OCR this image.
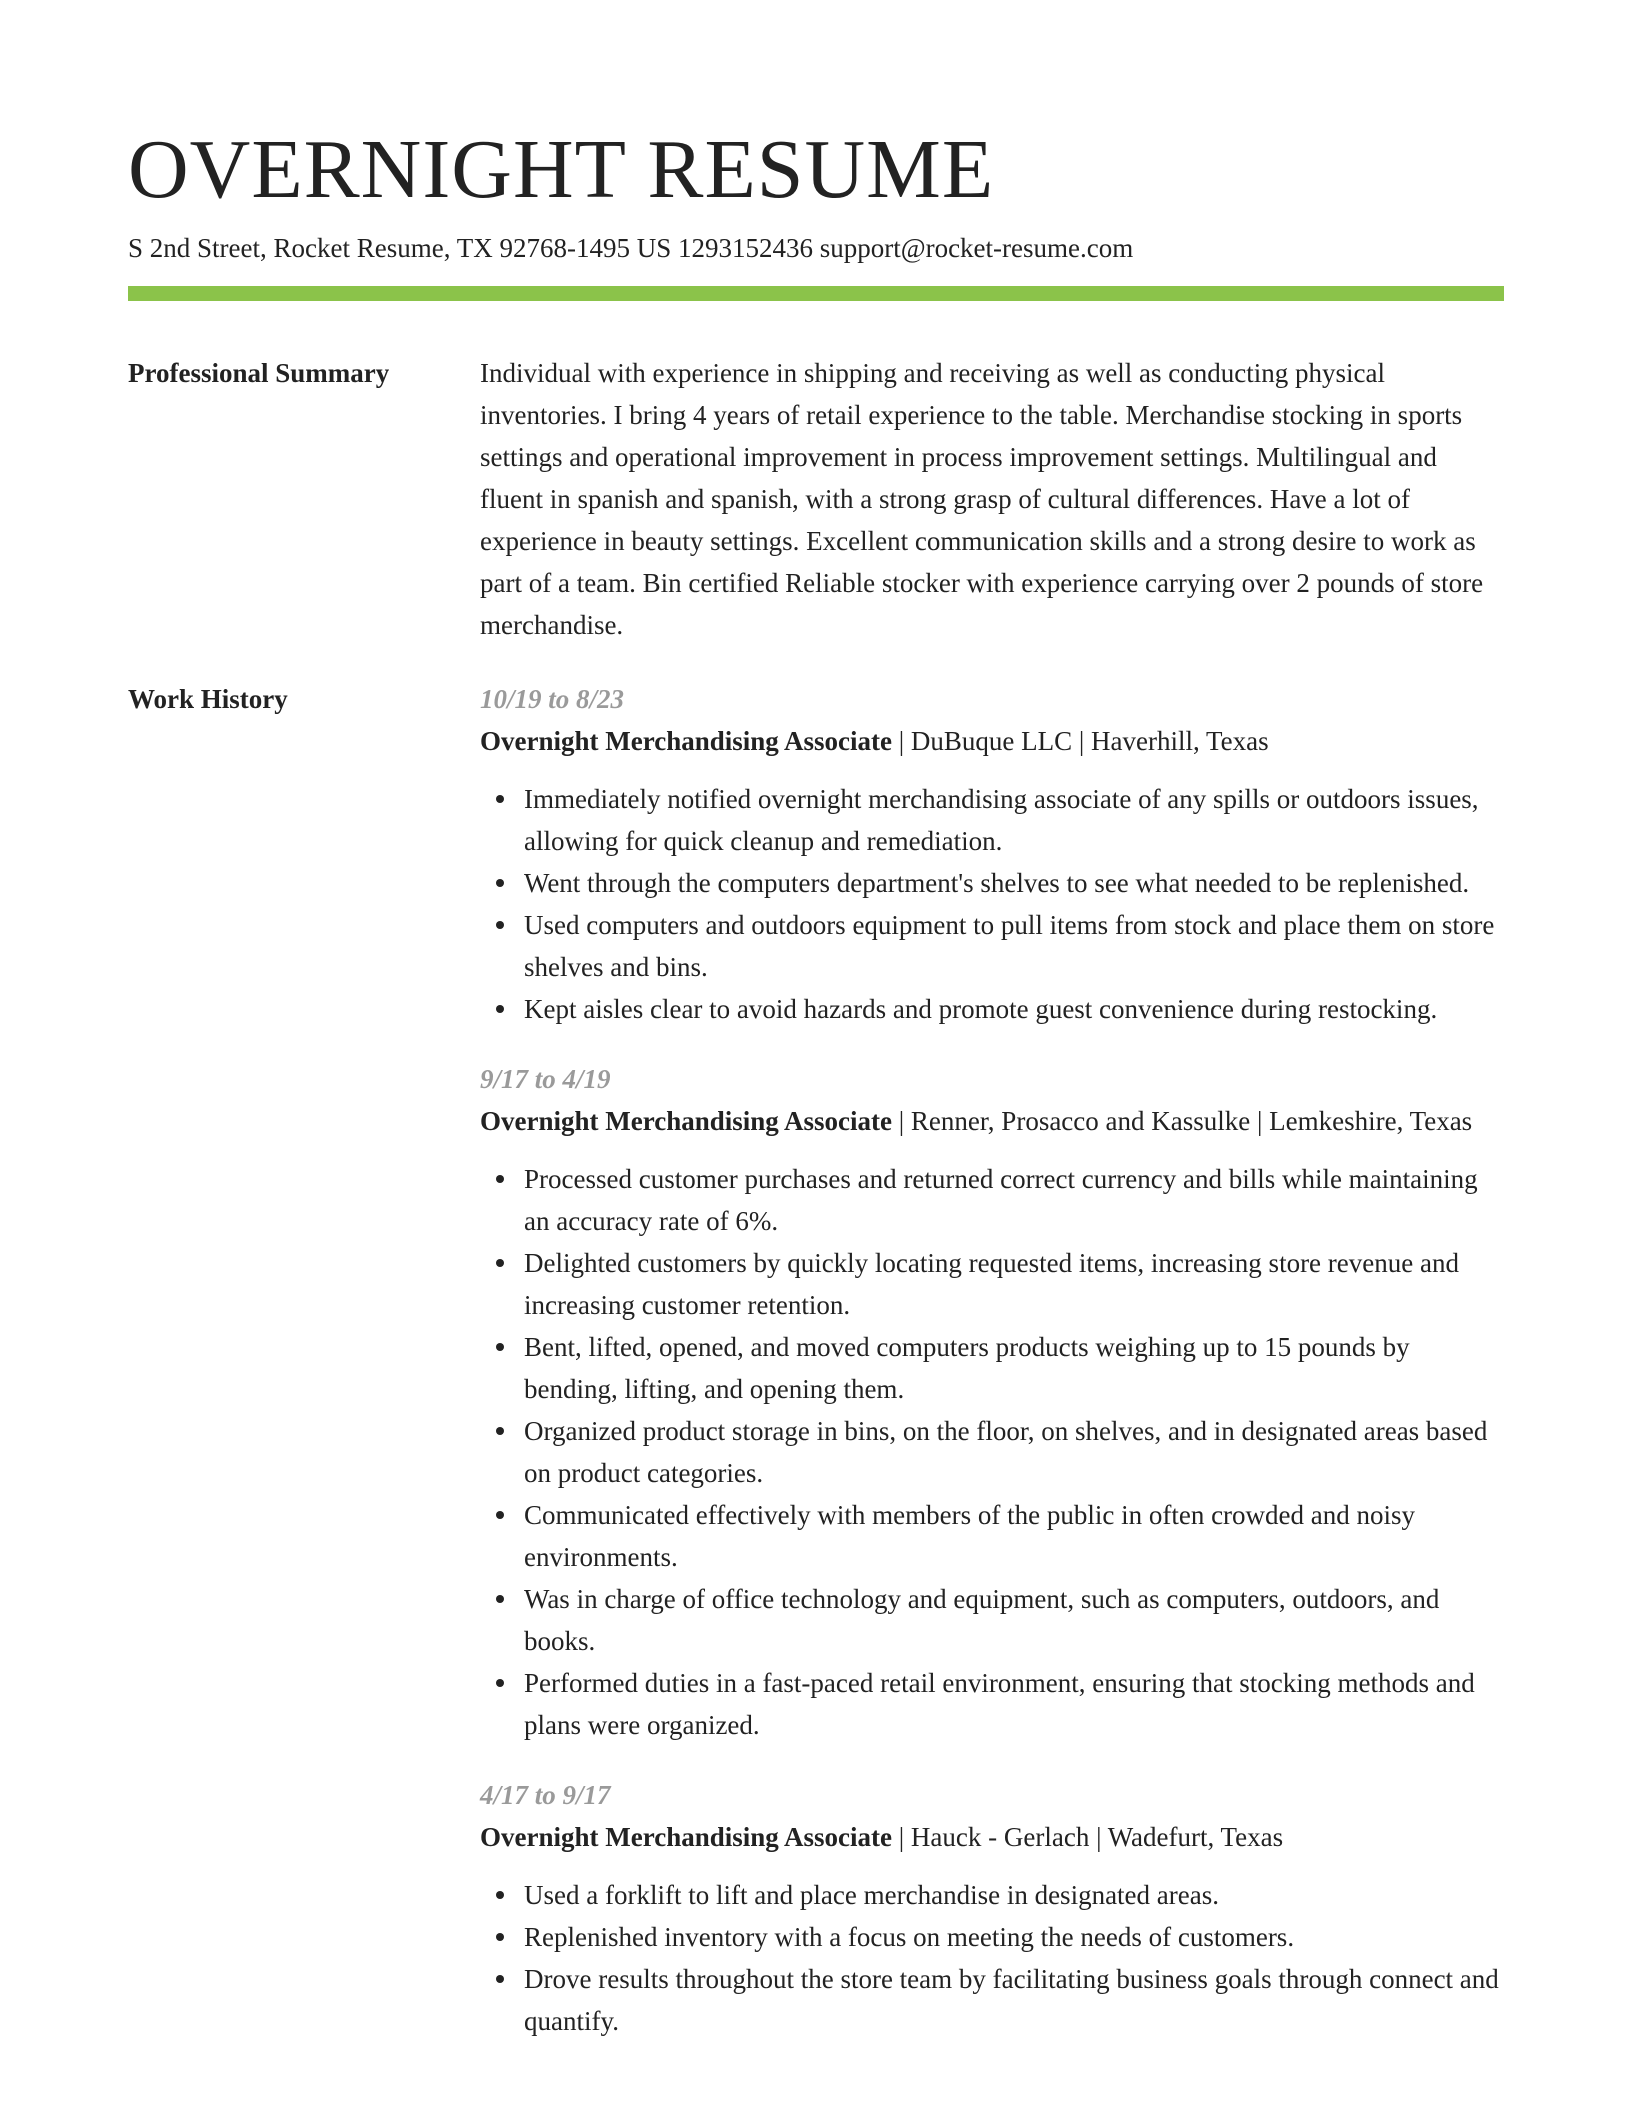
OVERNIGHT RESUME
S 2nd Street, Rocket Resume, TX 92768-1495 US 1293152436 support@rocket-resume.com
Professional Summary	Individual with experience in shipping and receiving as well as conducting physical inventories. I bring 4 years of retail experience to the table. Merchandise stocking in sports settings and operational improvement in process improvement settings. Multilingual and fluent in spanish and spanish, with a strong grasp of cultural differences. Have a lot of experience in beauty settings. Excellent communication skills and a strong desire to work as part of a team. Bin certified Reliable stocker with experience carrying over 2 pounds of store merchandise.

Work History	10/19 to 8/23
Overnight Merchandising Associate | DuBuque LLC | Haverhill, Texas
Immediately notified overnight merchandising associate of any spills or outdoors issues, allowing for quick cleanup and remediation.
Went through the computers department's shelves to see what needed to be replenished.
Used computers and outdoors equipment to pull items from stock and place them on store shelves and bins.
Kept aisles clear to avoid hazards and promote guest convenience during restocking.
9/17 to 4/19
Overnight Merchandising Associate | Renner, Prosacco and Kassulke | Lemkeshire, Texas
Processed customer purchases and returned correct currency and bills while maintaining an accuracy rate of 6%.
Delighted customers by quickly locating requested items, increasing store revenue and increasing customer retention.
Bent, lifted, opened, and moved computers products weighing up to 15 pounds by bending, lifting, and opening them.
Organized product storage in bins, on the floor, on shelves, and in designated areas based on product categories.
Communicated effectively with members of the public in often crowded and noisy environments.
Was in charge of office technology and equipment, such as computers, outdoors, and books.
Performed duties in a fast-paced retail environment, ensuring that stocking methods and plans were organized.
4/17 to 9/17
Overnight Merchandising Associate | Hauck - Gerlach | Wadefurt, Texas
Used a forklift to lift and place merchandise in designated areas.
Replenished inventory with a focus on meeting the needs of customers.
Drove results throughout the store team by facilitating business goals through connect and quantify.
